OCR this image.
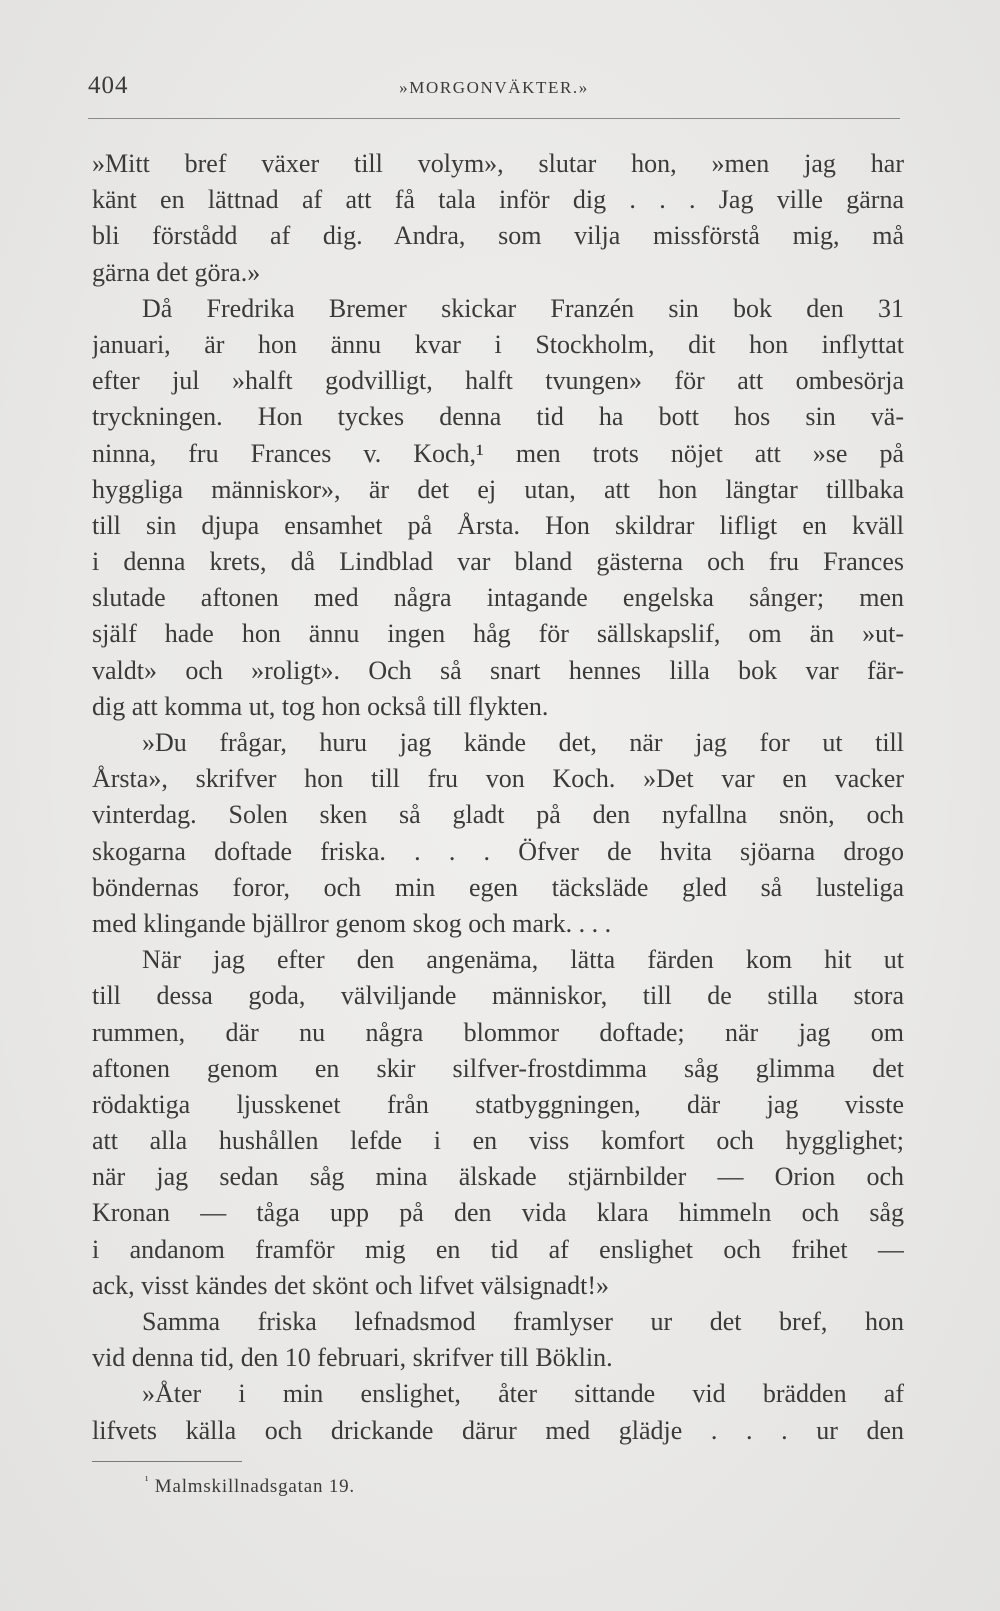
404	»MORGONVÄKTER.»
»Mitt bref växer till volym», slutar hon, »men jag har
känt en lättnad af att få tala inför dig . . . Jag ville gärna
bli förstådd af dig. Andra, som vilja missförstå mig, må
gärna det göra.»
Då Fredrika Bremer skickar Franzén sin bok den 31
januari, är hon ännu kvar i Stockholm, dit hon inflyttat
efter jul »halft godvilligt, halft tvungen» för att ombesörja
tryckningen. Hon tyckes denna tid ha bott hos sin vä-
ninna, fru Frances v. Koch,¹ men trots nöjet att »se på
hyggliga människor», är det ej utan, att hon längtar tillbaka
till sin djupa ensamhet på Årsta. Hon skildrar lifligt en kväll
i denna krets, då Lindblad var bland gästerna och fru Frances
slutade aftonen med några intagande engelska sånger; men
själf hade hon ännu ingen håg för sällskapslif, om än »ut-
valdt» och »roligt». Och så snart hennes lilla bok var fär-
dig att komma ut, tog hon också till flykten.
»Du frågar, huru jag kände det, när jag for ut till
Årsta», skrifver hon till fru von Koch. »Det var en vacker
vinterdag. Solen sken så gladt på den nyfallna snön, och
skogarna doftade friska. . . . Öfver de hvita sjöarna drogo
böndernas foror, och min egen täcksläde gled så lusteliga
med klingande bjällror genom skog och mark. . . .
När jag efter den angenäma, lätta färden kom hit ut
till dessa goda, välviljande människor, till de stilla stora
rummen, där nu några blommor doftade; när jag om
aftonen genom en skir silfver-frostdimma såg glimma det
rödaktiga ljusskenet från statbyggningen, där jag visste
att alla hushållen lefde i en viss komfort och hygglighet;
när jag sedan såg mina älskade stjärnbilder — Orion och
Kronan — tåga upp på den vida klara himmeln och såg
i andanom framför mig en tid af enslighet och frihet —
ack, visst kändes det skönt och lifvet välsignadt!»
Samma friska lefnadsmod framlyser ur det bref, hon
vid denna tid, den 10 februari, skrifver till Böklin.
»Åter i min enslighet, åter sittande vid brädden af
lifvets källa och drickande därur med glädje . . . ur den
$^{^1}$ Malmskillnadsgatan 19.
